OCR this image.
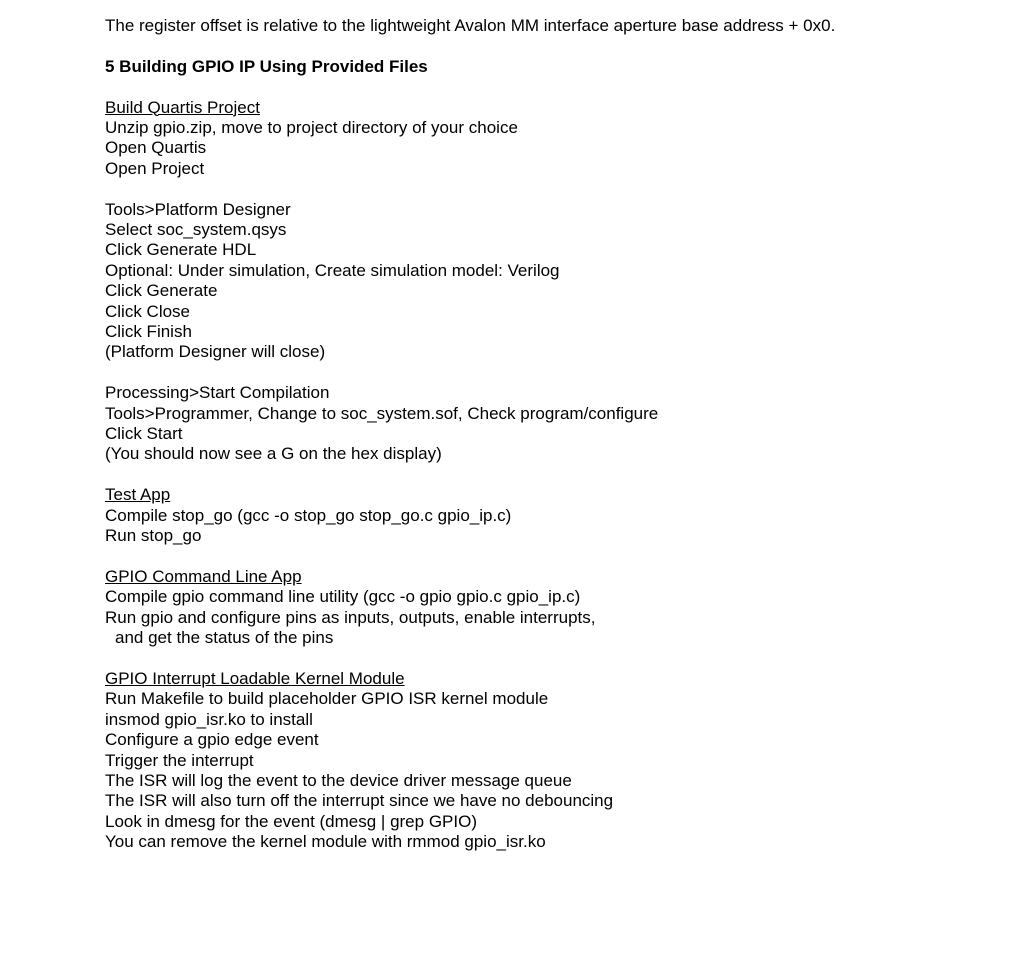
The register offset is relative to the lightweight Avalon MM interface aperture base address + 0x0.
5 Building GPIO IP Using Provided Files
Build Quartis Project
Unzip gpio.zip, move to project directory of your choice
Open Quartis
Open Project
Tools>Platform Designer
Select soc_system.qsys
Click Generate HDL
Optional: Under simulation, Create simulation model: Verilog
Click Generate
Click Close
Click Finish
(Platform Designer will close)
Processing>Start Compilation
Tools>Programmer, Change to soc_system.sof, Check program/configure
Click Start
(You should now see a G on the hex display)
Test App
Compile stop_go (gcc -o stop_go stop_go.c gpio_ip.c)
Run stop_go
GPIO Command Line App
Compile gpio command line utility (gcc -o gpio gpio.c gpio_ip.c)
Run gpio and configure pins as inputs, outputs, enable interrupts,
and get the status of the pins
GPIO Interrupt Loadable Kernel Module
Run Makefile to build placeholder GPIO ISR kernel module
insmod gpio_isr.ko to install
Configure a gpio edge event
Trigger the interrupt
The ISR will log the event to the device driver message queue
The ISR will also turn off the interrupt since we have no debouncing
Look in dmesg for the event (dmesg | grep GPIO)
You can remove the kernel module with rmmod gpio_isr.ko
